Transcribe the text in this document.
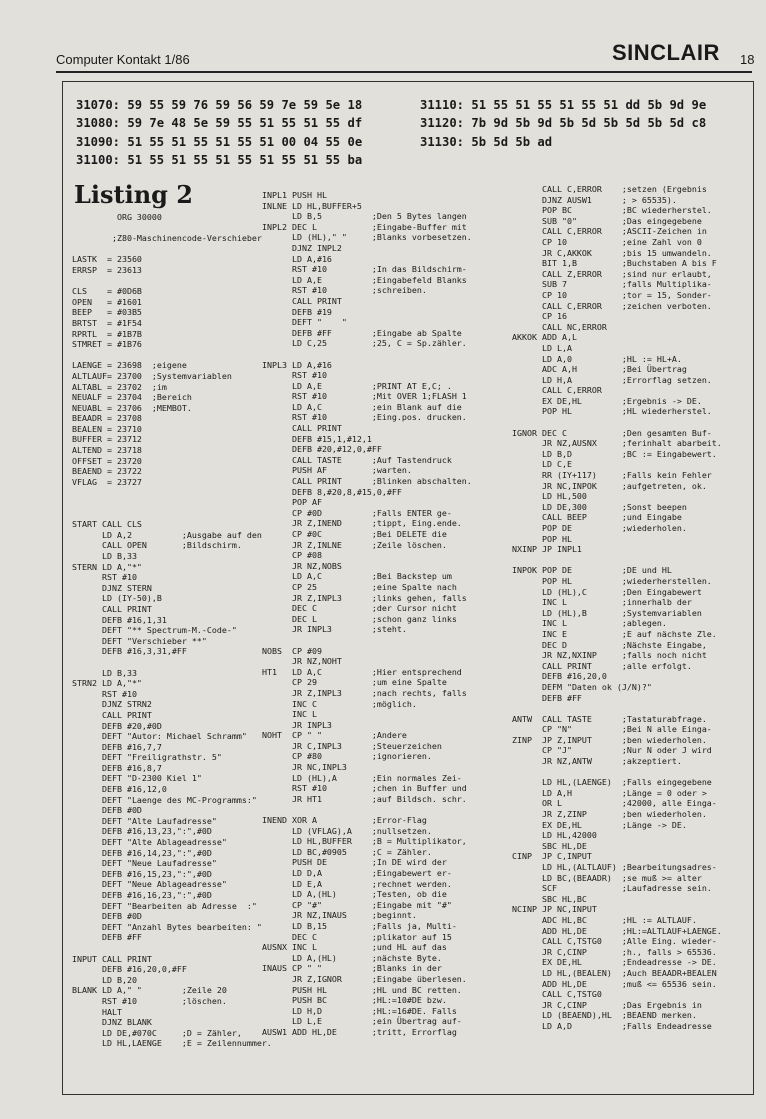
Computer Kontakt 1/86	SINCLAIR 18
31070: 59 55 59 76 59 56 59 7e 59 5e 18
31080: 59 7e 48 5e 59 55 51 55 51 55 df
31090: 51 55 51 55 51 55 51 00 04 55 0e
31100: 51 55 51 55 51 55 51 55 51 55 ba
31110: 51 55 51 55 51 55 51 dd 5b 9d 9e
31120: 7b 9d 5b 9d 5b 5d 5b 5d 5b 5d c8
31130: 5b 5d 5b ad
Listing 2
ORG 30000

;Z80-Maschinencode-Verschieber

LASTK  = 23560
ERRSP  = 23613

CLS    = #0D6B
OPEN   = #1601
BEEP   = #03B5
BRTST  = #1F54
RPRTL  = #1B7B
STMRET = #1B76

LAENGE = 23698  ;eigene
ALTLAUF= 23700  ;Systemvariablen
ALTABL = 23702  ;im
NEUALF = 23704  ;Bereich
NEUABL = 23706  ;MEMBOT.
BEAADR = 23708
BEALEN = 23710
BUFFER = 23712
ALTEND = 23718
OFFSET = 23720
BEAEND = 23722
VFLAG  = 23727

START CALL CLS
LD A,2          ;Ausgabe auf den
CALL OPEN       ;Bildschirm.
LD B,33
STERN LD A,"*"
RST #10
DJNZ STERN
LD (IY-50),B
CALL PRINT
DEFB #16,1,31
DEFT "** Spectrum-M.-Code-"
DEFT "Verschieber **"
DEFB #16,3,31,#FF

LD B,33
STRN2 LD A,"*"
RST #10
DJNZ STRN2
CALL PRINT
DEFB #20,#0D
DEFT "Autor: Michael Schramm"
DEFB #16,7,7
DEFT "Freiligrathstr. 5"
DEFB #16,8,7
DEFT "D-2300 Kiel 1"
DEFB #16,12,0
DEFT "Laenge des MC-Programms:"
DEFB #0D
DEFT "Alte Laufadresse"
DEFB #16,13,23,":",#0D
DEFT "Alte Ablageadresse"
DEFB #16,14,23,":",#0D
DEFT "Neue Laufadresse"
DEFB #16,15,23,":",#0D
DEFT "Neue Ablageadresse"
DEFB #16,16,23,":",#0D
DEFT "Bearbeiten ab Adresse  :"
DEFB #0D
DEFT "Anzahl Bytes bearbeiten: "
DEFB #FF

INPUT CALL PRINT
DEFB #16,20,0,#FF
LD B,20
BLANK LD A," "        ;Zeile 20
RST #10         ;löschen.
HALT
DJNZ BLANK
LD DE,#070C     ;D = Zähler,
LD HL,LAENGE    ;E = Zeilennummer.
INPL1 PUSH HL
INLNE LD HL,BUFFER+5
LD B,5          ;Den 5 Bytes langen
INPL2 DEC L           ;Eingabe-Buffer mit
LD (HL)," "     ;Blanks vorbesetzen.
DJNZ INPL2
LD A,#16
RST #10         ;In das Bildschirm-
LD A,E          ;Eingabefeld Blanks
RST #10         ;schreiben.
CALL PRINT
DEFB #19
DEFT "    "
DEFB #FF        ;Eingabe ab Spalte
LD C,25         ;25, C = Sp.zähler.

INPL3 LD A,#16
RST #10
LD A,E          ;PRINT AT E,C; .
RST #10         ;Mit OVER 1;FLASH 1
LD A,C          ;ein Blank auf die
RST #10         ;Eing.pos. drucken.
CALL PRINT
DEFB #15,1,#12,1
DEFB #20,#12,0,#FF
CALL TASTE      ;Auf Tastendruck
PUSH AF         ;warten.
CALL PRINT      ;Blinken abschalten.
DEFB 8,#20,8,#15,0,#FF
POP AF
CP #0D          ;Falls ENTER ge-
JR Z,INEND      ;tippt, Eing.ende.
CP #0C          ;Bei DELETE die
JR Z,INLNE      ;Zeile löschen.
CP #08
JR NZ,NOBS
LD A,C          ;Bei Backstep um
CP 25           ;eine Spalte nach
JR Z,INPL3      ;links gehen, falls
DEC C           ;der Cursor nicht
DEC L           ;schon ganz links
JR INPL3        ;steht.

NOBS  CP #09
JR NZ,NOHT
HT1   LD A,C          ;Hier entsprechend
CP 29           ;um eine Spalte
JR Z,INPL3      ;nach rechts, falls
INC C           ;möglich.
INC L
JR INPL3
NOHT  CP " "          ;Andere
JR C,INPL3      ;Steuerzeichen
CP #80          ;ignorieren.
JR NC,INPL3
LD (HL),A       ;Ein normales Zei-
RST #10         ;chen in Buffer und
JR HT1          ;auf Bildsch. schr.

INEND XOR A           ;Error-Flag
LD (VFLAG),A    ;nullsetzen.
LD HL,BUFFER    ;B = Multiplikator,
LD BC,#0905     ;C = Zähler.
PUSH DE         ;In DE wird der
LD D,A          ;Eingabewert er-
LD E,A          ;rechnet werden.
LD A,(HL)       ;Testen, ob die
CP "#"          ;Eingabe mit "#"
JR NZ,INAUS     ;beginnt.
LD B,15         ;Falls ja, Multi-
DEC C           ;plikator auf 15
AUSNX INC L           ;und HL auf das
LD A,(HL)       ;nächste Byte.
INAUS CP " "          ;Blanks in der
JR Z,IGNOR      ;Eingabe überlesen.
PUSH HL         ;HL und BC retten.
PUSH BC         ;HL:=10#DE bzw.
LD H,D          ;HL:=16#DE. Falls
LD L,E          ;ein Übertrag auf-
AUSW1 ADD HL,DE       ;tritt, Errorflag
CALL C,ERROR    ;setzen (Ergebnis
DJNZ AUSW1      ; > 65535).
POP BC          ;BC wiederherstel.
SUB "0"         ;Das eingegebene
CALL C,ERROR    ;ASCII-Zeichen in
CP 10           ;eine Zahl von 0
JR C,AKKOK      ;bis 15 umwandeln.
BIT 1,B         ;Buchstaben A bis F
CALL Z,ERROR    ;sind nur erlaubt,
SUB 7           ;falls Multiplika-
CP 10           ;tor = 15, Sonder-
CALL C,ERROR    ;zeichen verboten.
CP 16
CALL NC,ERROR
AKKOK ADD A,L
LD L,A
LD A,0          ;HL := HL+A.
ADC A,H         ;Bei Übertrag
LD H,A          ;Errorflag setzen.
CALL C,ERROR
EX DE,HL        ;Ergebnis -> DE.
POP HL          ;HL wiederherstel.

IGNOR DEC C           ;Den gesamten Buf-
JR NZ,AUSNX     ;ferinhalt abarbeit.
LD B,D          ;BC := Eingabewert.
LD C,E
RR (IY+117)     ;Falls kein Fehler
JR NC,INPOK     ;aufgetreten, ok.
LD HL,500
LD DE,300       ;Sonst beepen
CALL BEEP       ;und Eingabe
POP DE          ;wiederholen.
POP HL
NXINP JP INPL1

INPOK POP DE          ;DE und HL
POP HL          ;wiederherstellen.
LD (HL),C       ;Den Eingabewert
INC L           ;innerhalb der
LD (HL),B       ;Systemvariablen
INC L           ;ablegen.
INC E           ;E auf nächste Zle.
DEC D           ;Nächste Eingabe,
JR NZ,NXINP     ;falls noch nicht
CALL PRINT      ;alle erfolgt.
DEFB #16,20,0
DEFM "Daten ok (J/N)?"
DEFB #FF

ANTW  CALL TASTE      ;Tastaturabfrage.
CP "N"          ;Bei N alle Einga-
ZINP  JP Z,INPUT      ;ben wiederholen.
CP "J"          ;Nur N oder J wird
JR NZ,ANTW      ;akzeptiert.

LD HL,(LAENGE)  ;Falls eingegebene
LD A,H          ;Länge = 0 oder >
OR L            ;42000, alle Einga-
JR Z,ZINP       ;ben wiederholen.
EX DE,HL        ;Länge -> DE.
LD HL,42000
SBC HL,DE
CINP  JP C,INPUT
LD HL,(ALTLAUF) ;Bearbeitungsadres-
LD BC,(BEAADR)  ;se muß >= alter
SCF             ;Laufadresse sein.
SBC HL,BC
NCINP JP NC,INPUT
ADC HL,BC       ;HL := ALTLAUF.
ADD HL,DE       ;HL:=ALTLAUF+LAENGE.
CALL C,TSTG0    ;Alle Eing. wieder-
JR C,CINP       ;h., falls > 65536.
EX DE,HL        ;Endeadresse -> DE.
LD HL,(BEALEN)  ;Auch BEAADR+BEALEN
ADD HL,DE       ;muß <= 65536 sein.
CALL C,TSTG0
JR C,CINP       ;Das Ergebnis in
LD (BEAEND),HL  ;BEAEND merken.
LD A,D          ;Falls Endeadresse
